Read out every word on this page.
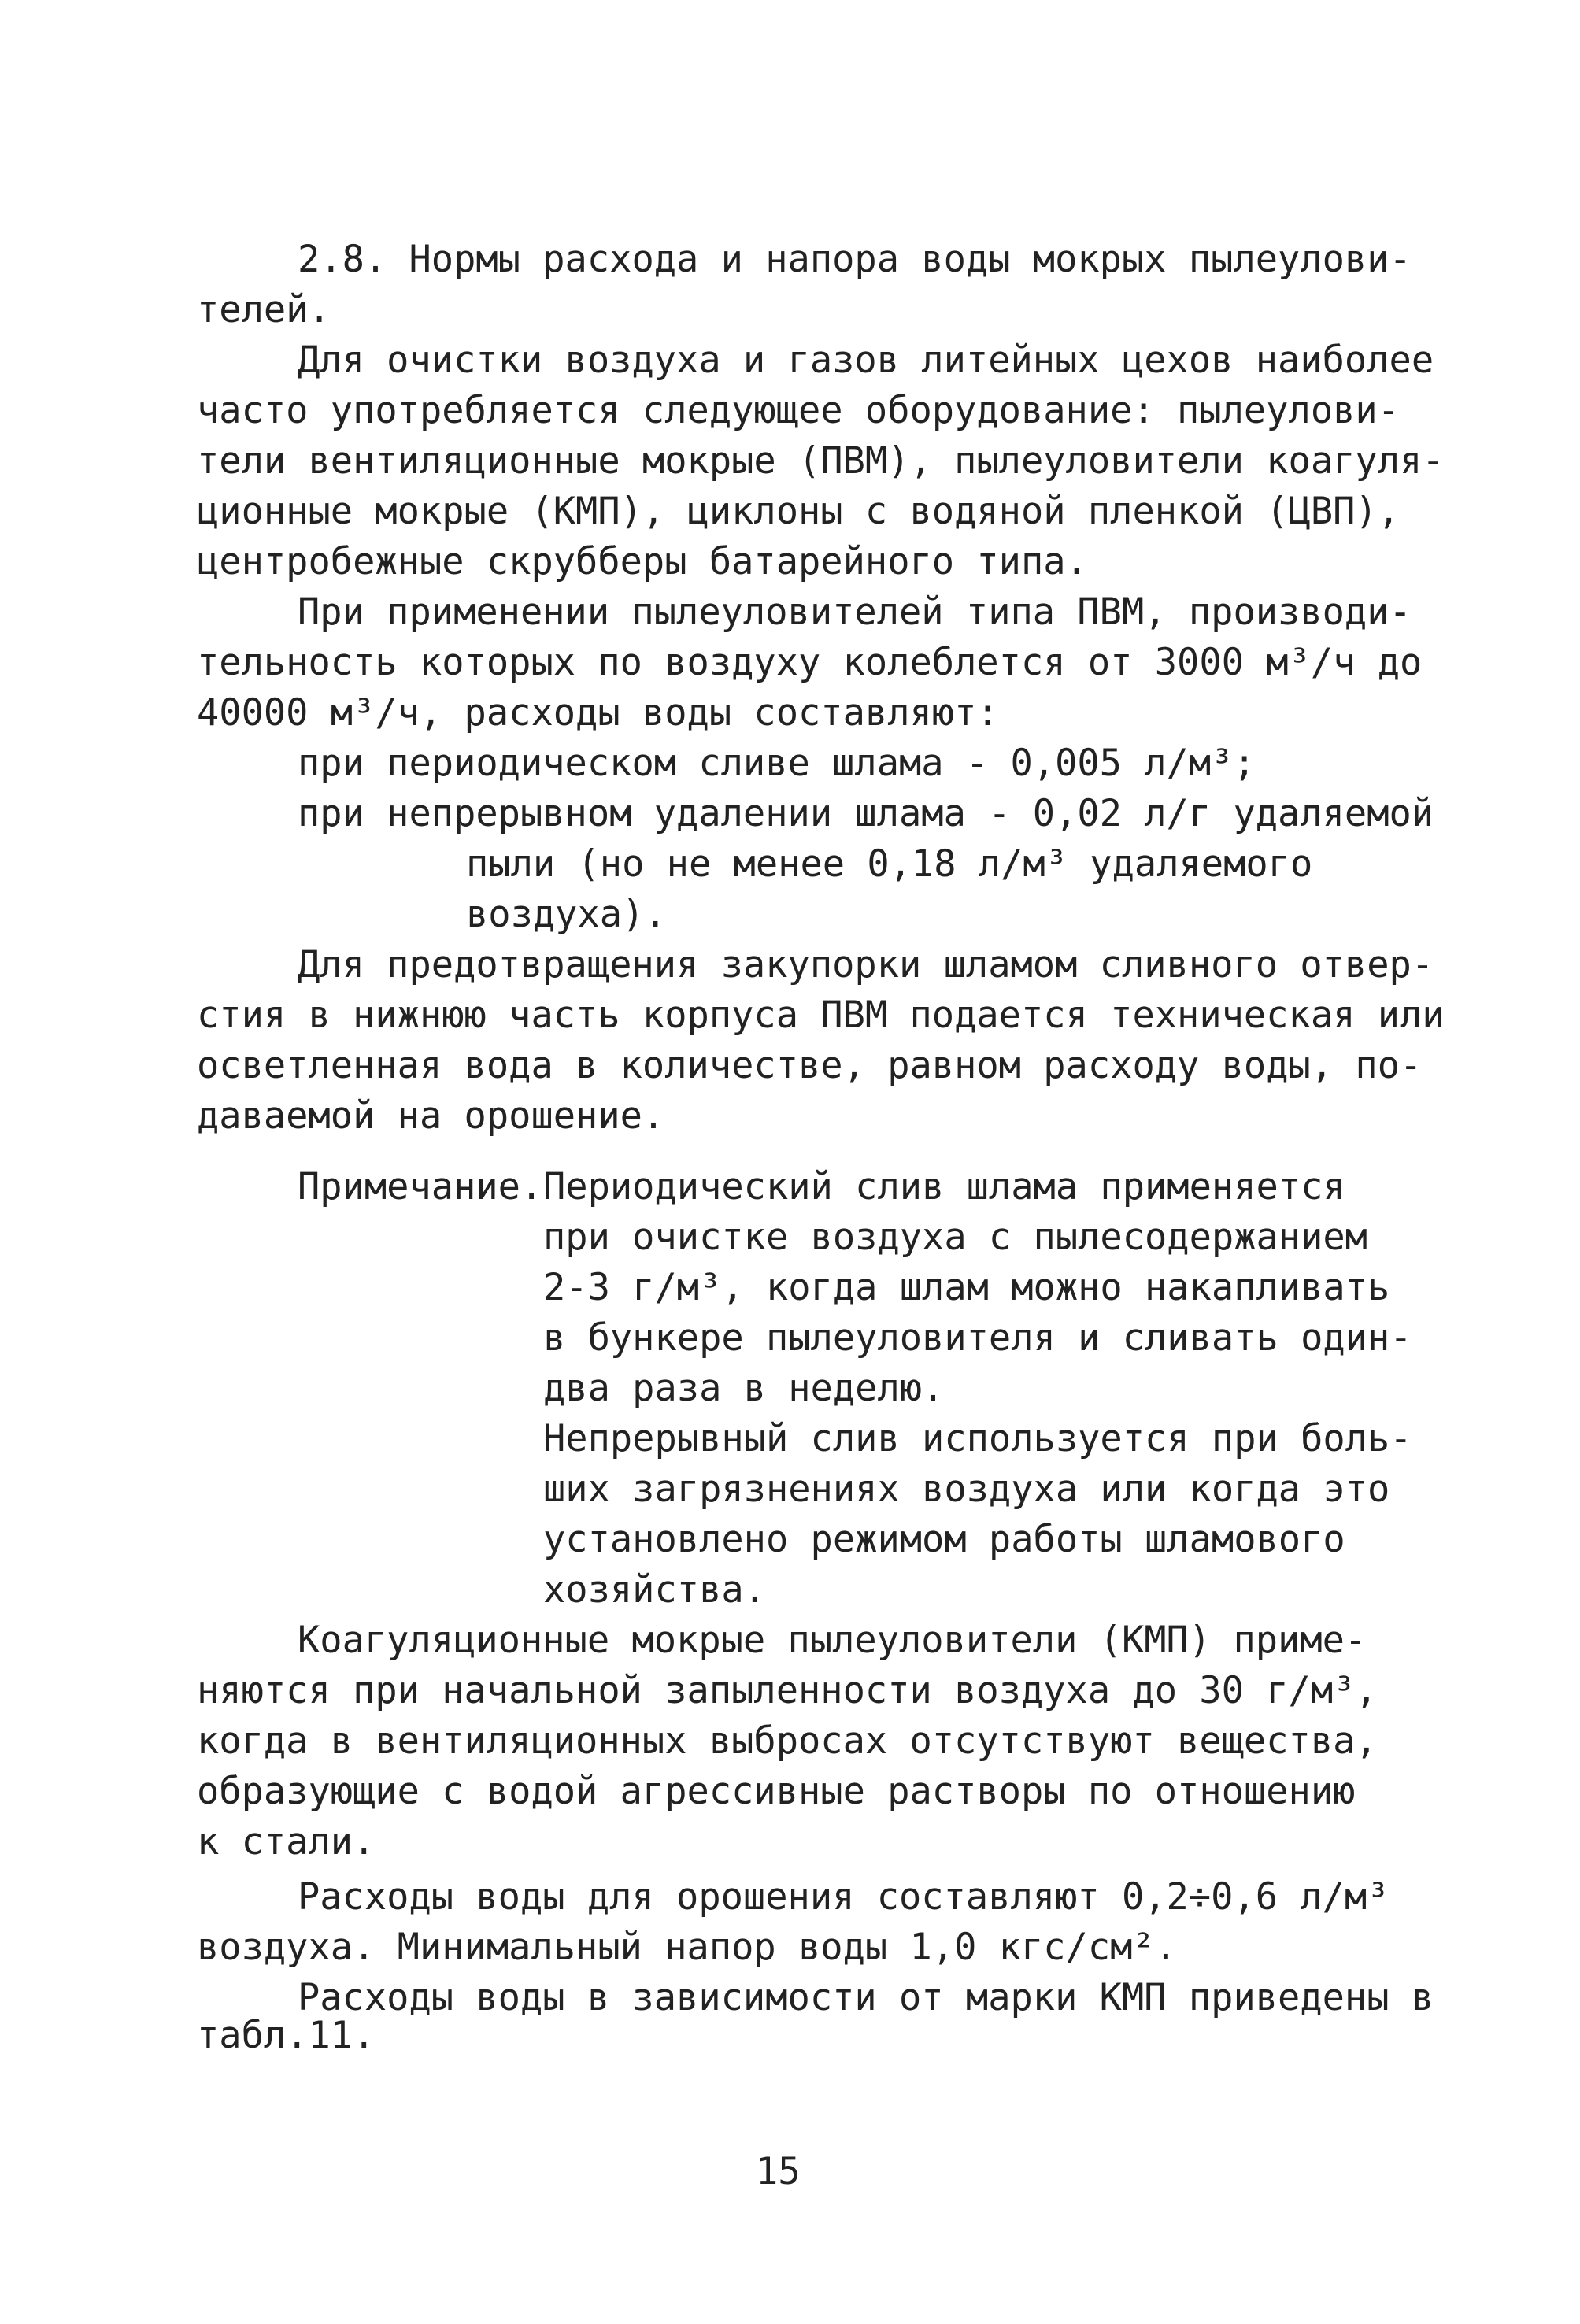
2.8. Нормы расхода и напора воды мокрых пылеулови-
телей.
Для очистки воздуха и газов литейных цехов наиболее
часто употребляется следующее оборудование: пылеулови-
тели вентиляционные мокрые (ПВМ), пылеуловители коагуля-
ционные мокрые (КМП), циклоны с водяной пленкой (ЦВП),
центробежные скрубберы батарейного типа.
При применении пылеуловителей типа ПВМ, производи-
тельность которых по воздуху колеблется от 3000 м³/ч до
40000 м³/ч, расходы воды составляют:
при периодическом сливе шлама - 0,005 л/м³;
при непрерывном удалении шлама - 0,02 л/г удаляемой
пыли (но не менее 0,18 л/м³ удаляемого
воздуха).
Для предотвращения закупорки шламом сливного отвер-
стия в нижнюю часть корпуса ПВМ подается техническая или
осветленная вода в количестве, равном расходу воды, по-
даваемой на орошение.
Примечание. Периодический слив шлама применяется
при очистке воздуха с пылесодержанием
2-3 г/м³, когда шлам можно накапливать
в бункере пылеуловителя и сливать один-
два раза в неделю.
Непрерывный слив используется при боль-
ших загрязнениях воздуха или когда это
установлено режимом работы шламового
хозяйства.
Коагуляционные мокрые пылеуловители (КМП) приме-
няются при начальной запыленности воздуха до 30 г/м³,
когда в вентиляционных выбросах отсутствуют вещества,
образующие с водой агрессивные растворы по отношению
к стали.
Расходы воды для орошения составляют 0,2÷0,6 л/м³
воздуха. Минимальный напор воды 1,0 кгс/см².
Расходы воды в зависимости от марки КМП приведены в
табл.11.
15
